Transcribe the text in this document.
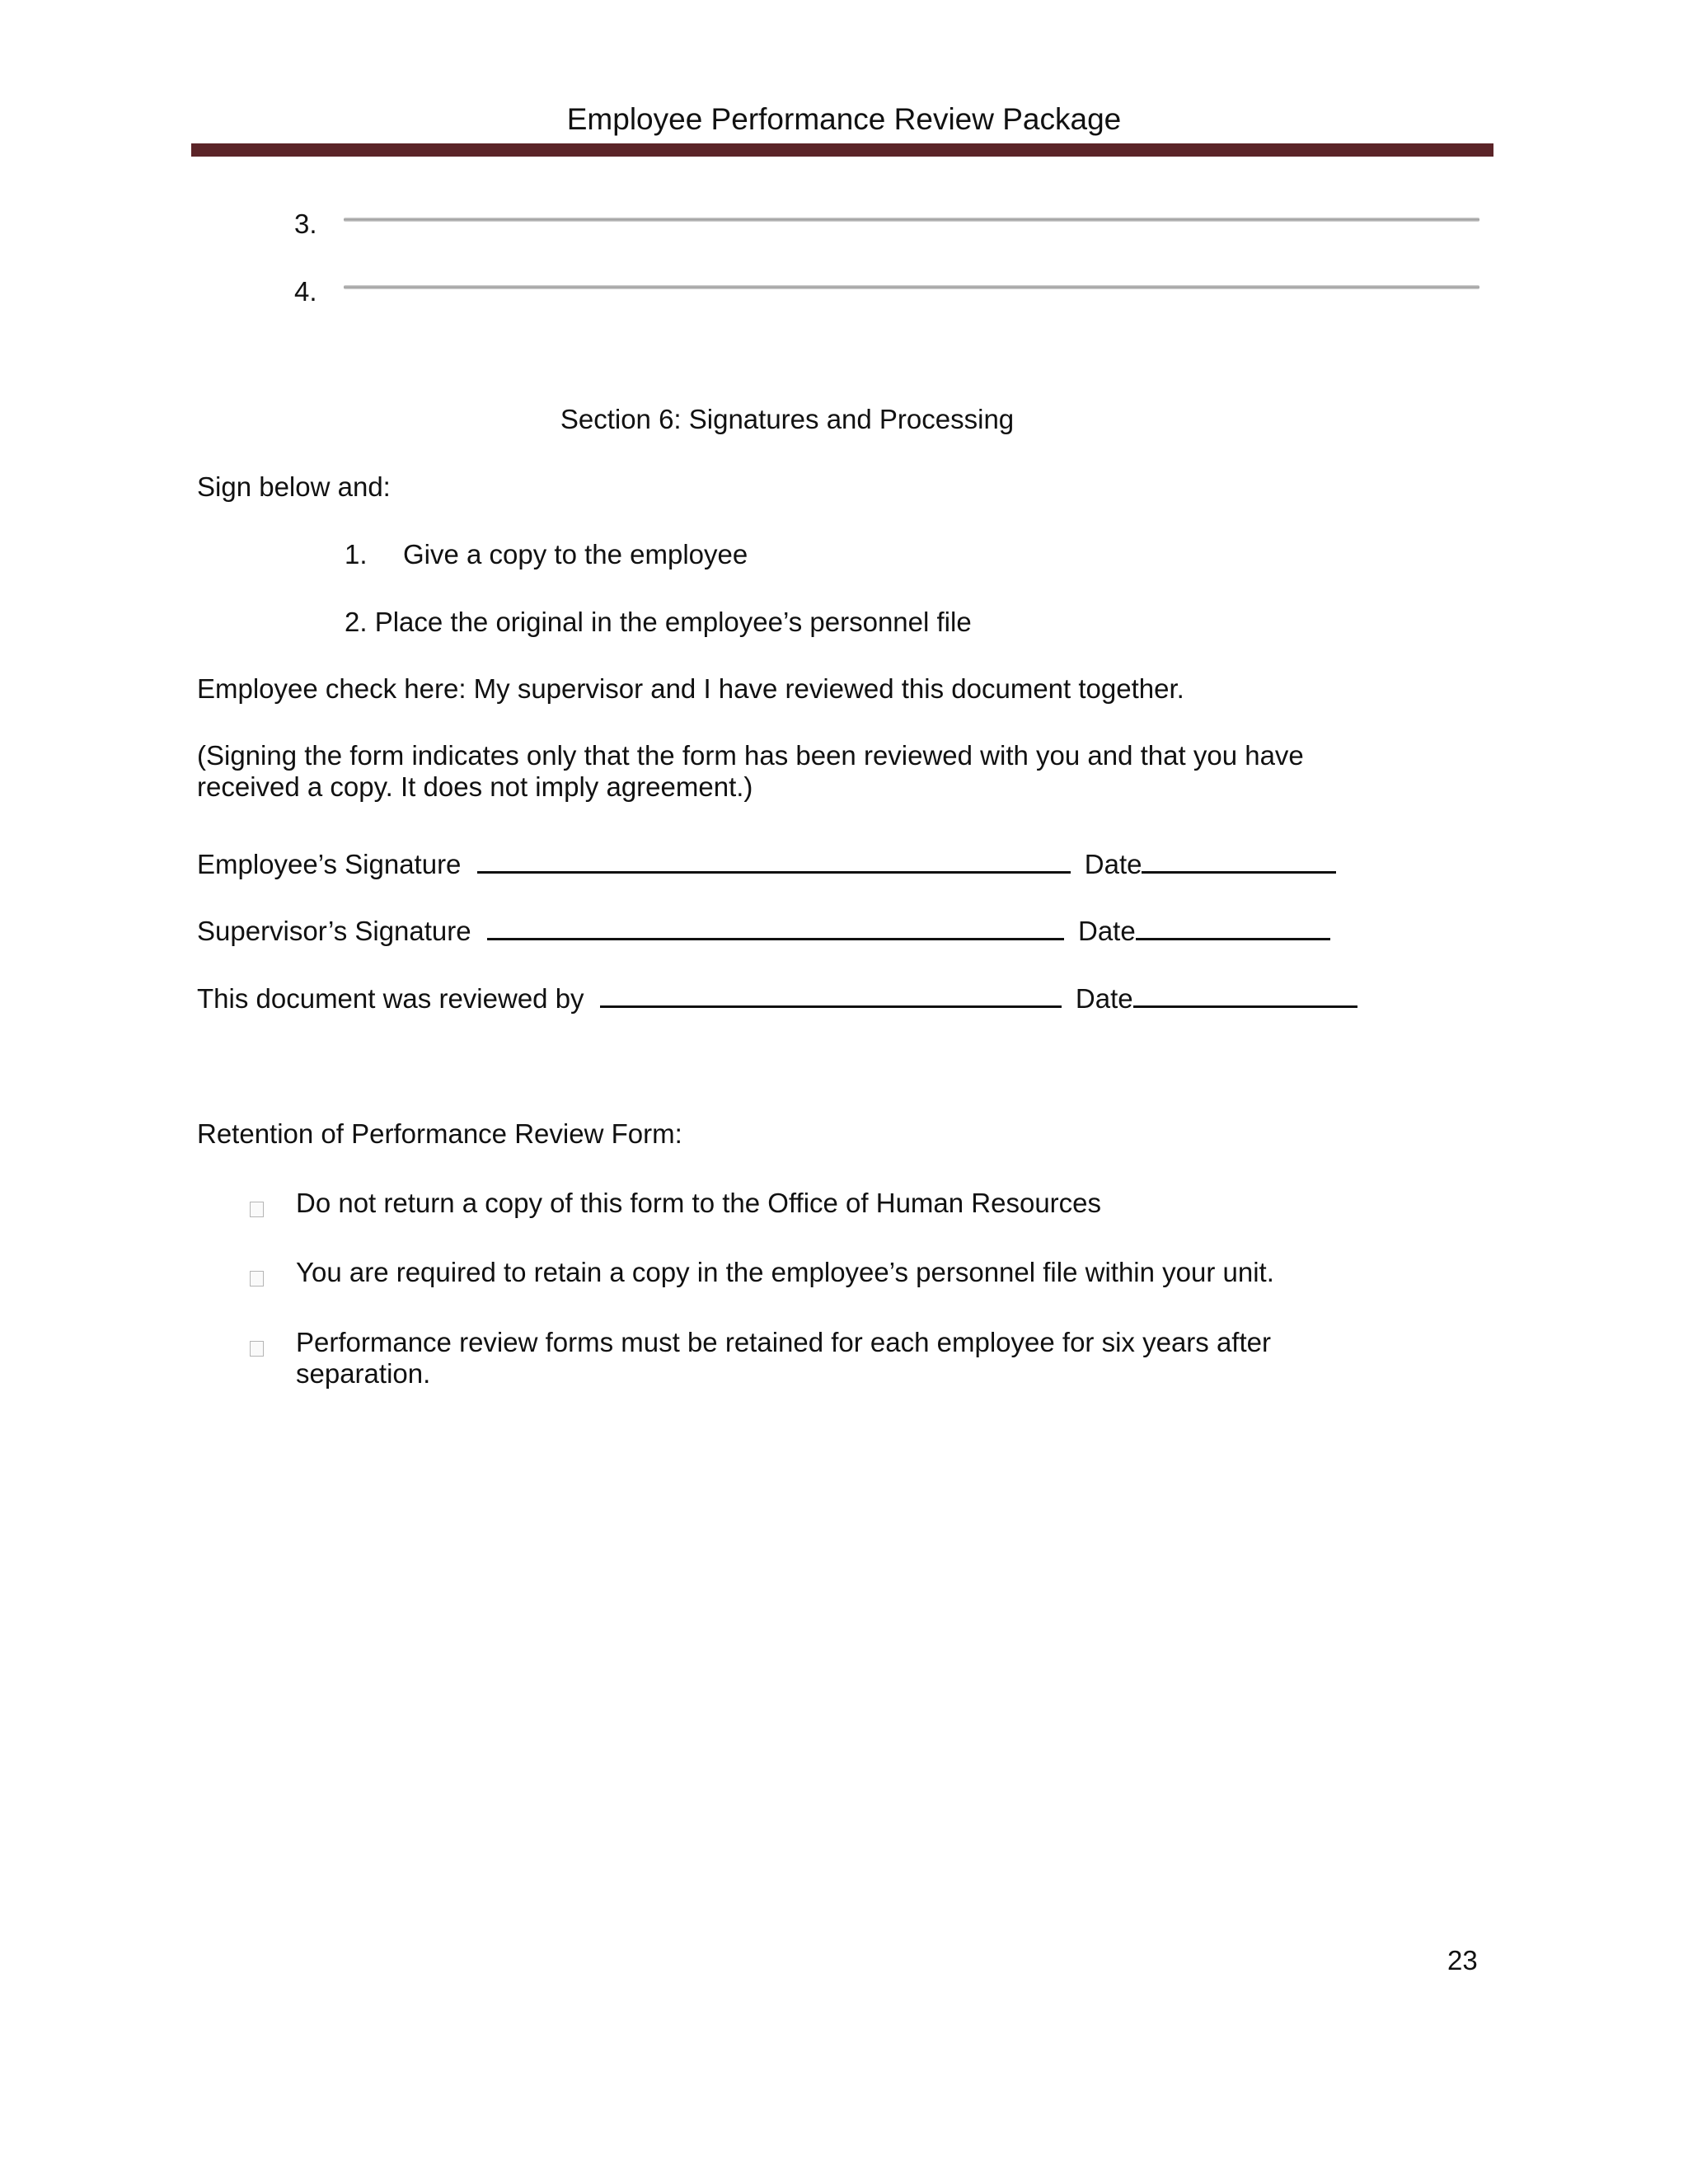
Employee Performance Review Package
3.
4.
Section 6: Signatures and Processing
Sign below and:
1. Give a copy to the employee
2. Place the original in the employee’s personnel file
Employee check here: My supervisor and I have reviewed this document together.
(Signing the form indicates only that the form has been reviewed with you and that you have received a copy. It does not imply agreement.)
Employee’s Signature	Date
Supervisor’s Signature	Date
This document was reviewed by	Date
Retention of Performance Review Form:
Do not return a copy of this form to the Office of Human Resources
You are required to retain a copy in the employee’s personnel file within your unit.
Performance review forms must be retained for each employee for six years after separation.
23
